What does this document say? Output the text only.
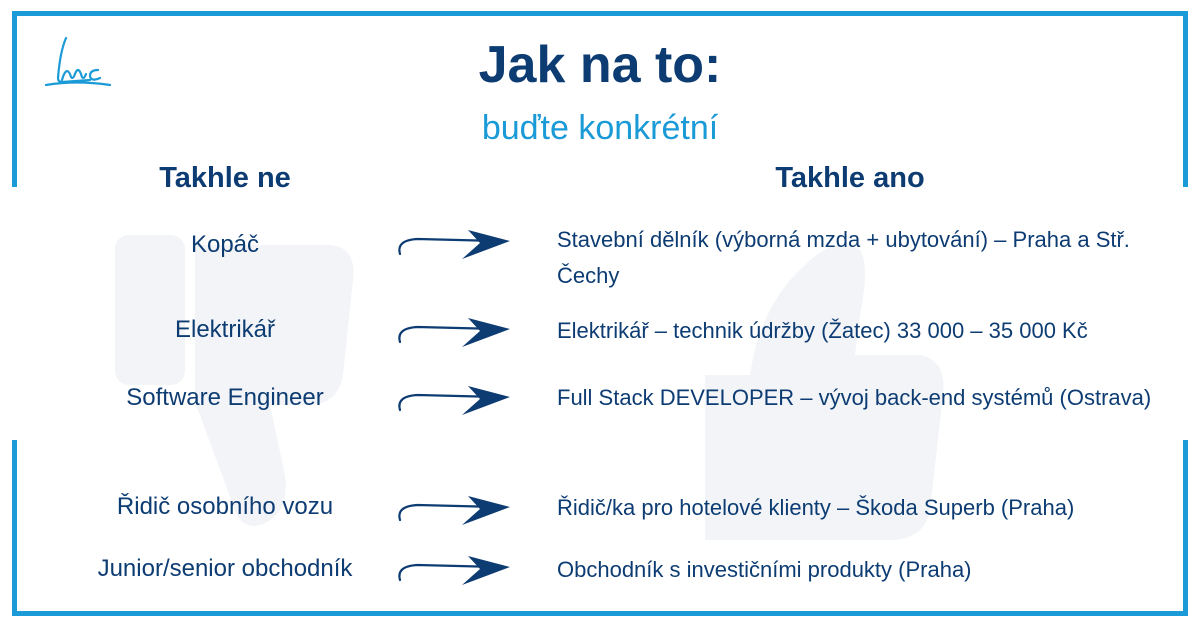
Jak na to:
buďte konkrétní
Takhle ne	Takhle ano
Kopáč	Stavební dělník (výborná mzda + ubytování) – Praha a Stř. Čechy
Elektrikář	Elektrikář – technik údržby (Žatec) 33 000 – 35 000 Kč
Software Engineer	Full Stack DEVELOPER – vývoj back-end systémů (Ostrava)
Řidič osobního vozu	Řidič/ka pro hotelové klienty – Škoda Superb (Praha)
Junior/senior obchodník	Obchodník s investičními produkty (Praha)
